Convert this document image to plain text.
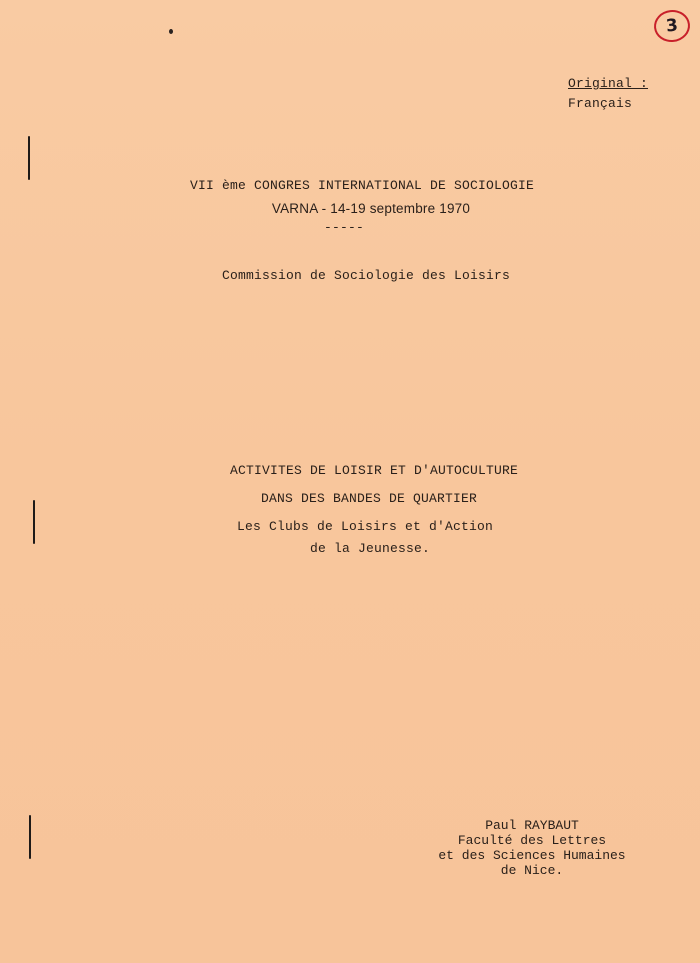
3
Original :
Français
VII ème CONGRES INTERNATIONAL DE SOCIOLOGIE
VARNA - 14-19 septembre 1970
-----
Commission de Sociologie des Loisirs
ACTIVITES DE LOISIR ET D'AUTOCULTURE
DANS DES BANDES DE QUARTIER
Les Clubs de Loisirs et d'Action
de la Jeunesse.
Paul RAYBAUT
Faculté des Lettres
et des Sciences Humaines
de Nice.
